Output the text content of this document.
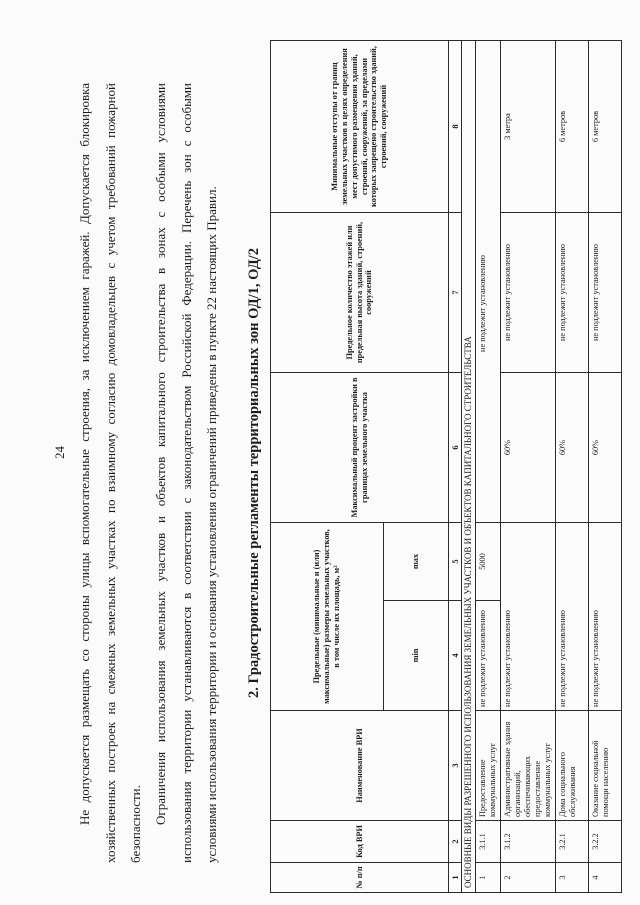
24 Не допускается размещать со стороны улицы вспомогательные строения, за исключением гаражей. Допускается блокировка хозяйственных построек на смежных земельных участках по взаимному согласию домовладельцев с учетом требований пожарной безопасности. Ограничения использования земельных участков и объектов капитального строительства в зонах с особыми условиями использования территории устанавливаются в соответствии с законодательством Российской Федерации. Перечень зон с особыми условиями использования территории и основания установления ограничений приведены в пункте 22 настоящих Правил.	2. Градостроительные регламенты территориальных зон ОД/1, ОД/2
№ п/п	Код ВРИ	Наименование ВРИ	Предельные (минимальные и (или) максимальные) размеры земельных участков, в том числе их площадь, м²		Максимальный процент застройки в границах земельного участка	Предельное количество этажей или предельная высота зданий, строений, сооружений	Минимальные отступы от границ земельных участков в целях определения мест допустимого размещения зданий, строений, сооружений, за пределами которых запрещено строительство зданий, строений, сооружений
			min	max			
1	2	3	4	5	6	7	8
ОСНОВНЫЕ ВИДЫ РАЗРЕШЕННОГО ИСПОЛЬЗОВАНИЯ ЗЕМЕЛЬНЫХ УЧАСТКОВ И ОБЪЕКТОВ КАПИТАЛЬНОГО СТРОИТЕЛЬСТВА							
1	3.1.1	Предоставление коммунальных услуг	не подлежит установлению	5000	не подлежит установлению		
2	3.1.2	Административные здания организаций, обеспечивающих предоставление коммунальных услуг	не подлежит установлению		60%	не подлежит установлению	3 метра
3	3.2.1	Дома социального обслуживания	не подлежит установлению		60%	не подлежит установлению	6 метров
4	3.2.2	Оказание социальной помощи населению	не подлежит установлению		60%	не подлежит установлению	6 метров
